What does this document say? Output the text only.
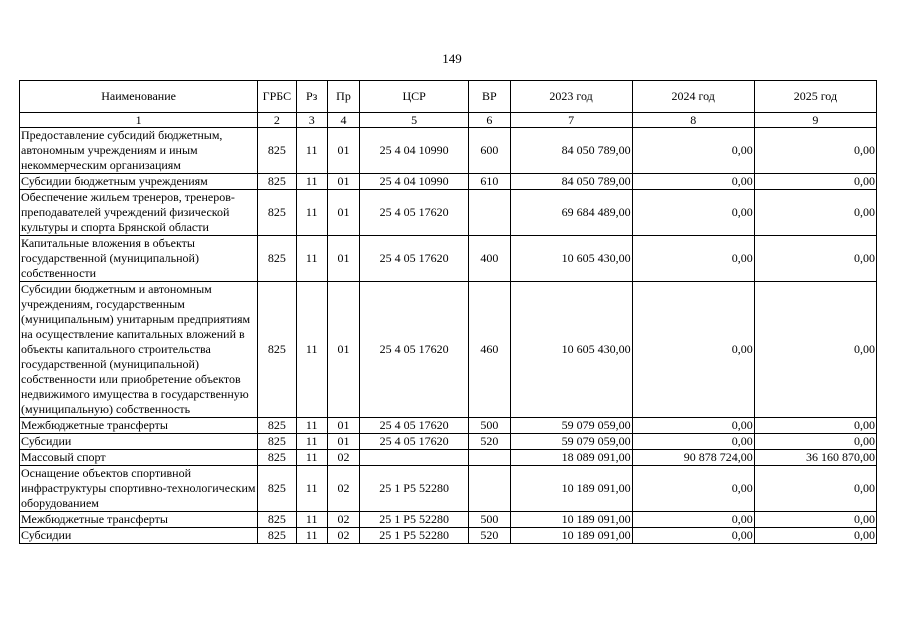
149
Наименование	ГРБС	Рз	Пр	ЦСР	ВР	2023 год	2024 год	2025 год
1	2	3	4	5	6	7	8	9
Предоставление субсидий бюджетным, автономным учреждениям и иным некоммерческим организациям	825	11	01	25 4 04 10990	600	84 050 789,00	0,00	0,00
Субсидии бюджетным учреждениям	825	11	01	25 4 04 10990	610	84 050 789,00	0,00	0,00
Обеспечение жильем тренеров, тренеров-преподавателей учреждений физической культуры и спорта Брянской области	825	11	01	25 4 05 17620		69 684 489,00	0,00	0,00
Капитальные вложения в объекты государственной (муниципальной) собственности	825	11	01	25 4 05 17620	400	10 605 430,00	0,00	0,00
Субсидии бюджетным и автономным учреждениям, государственным (муниципальным) унитарным предприятиям на осуществление капитальных вложений в объекты капитального строительства государственной (муниципальной) собственности или приобретение объектов недвижимого имущества в государственную (муниципальную) собственность	825	11	01	25 4 05 17620	460	10 605 430,00	0,00	0,00
Межбюджетные трансферты	825	11	01	25 4 05 17620	500	59 079 059,00	0,00	0,00
Субсидии	825	11	01	25 4 05 17620	520	59 079 059,00	0,00	0,00
Массовый спорт	825	11	02			18 089 091,00	90 878 724,00	36 160 870,00
Оснащение объектов спортивной инфраструктуры спортивно-технологическим оборудованием	825	11	02	25 1 P5 52280		10 189 091,00	0,00	0,00
Межбюджетные трансферты	825	11	02	25 1 P5 52280	500	10 189 091,00	0,00	0,00
Субсидии	825	11	02	25 1 P5 52280	520	10 189 091,00	0,00	0,00
